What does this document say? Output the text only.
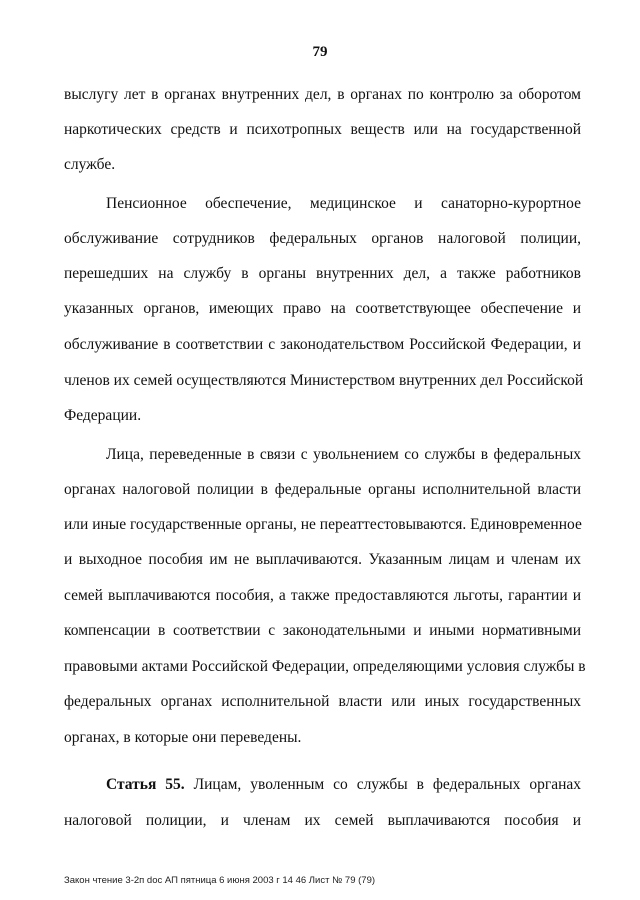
79
выслугу лет в органах внутренних дел, в органах по контролю за оборотом
наркотических средств и психотропных веществ или на государственной
службе.
Пенсионное обеспечение, медицинское и санаторно-курортное
обслуживание сотрудников федеральных органов налоговой полиции,
перешедших на службу в органы внутренних дел, а также работников
указанных органов, имеющих право на соответствующее обеспечение и
обслуживание в соответствии с законодательством Российской Федерации, и
членов их семей осуществляются Министерством внутренних дел Российской
Федерации.
Лица, переведенные в связи с увольнением со службы в федеральных
органах налоговой полиции в федеральные органы исполнительной власти
или иные государственные органы, не переаттестовываются. Единовременное
и выходное пособия им не выплачиваются. Указанным лицам и членам их
семей выплачиваются пособия, а также предоставляются льготы, гарантии и
компенсации в соответствии с законодательными и иными нормативными
правовыми актами Российской Федерации, определяющими условия службы в
федеральных органах исполнительной власти или иных государственных
органах, в которые они переведены.
Статья 55. Лицам, уволенным со службы в федеральных органах
налоговой полиции, и членам их семей выплачиваются пособия и
Закон чтение 3-2п doc АП пятница 6 июня 2003 г 14 46 Лист № 79 (79)
